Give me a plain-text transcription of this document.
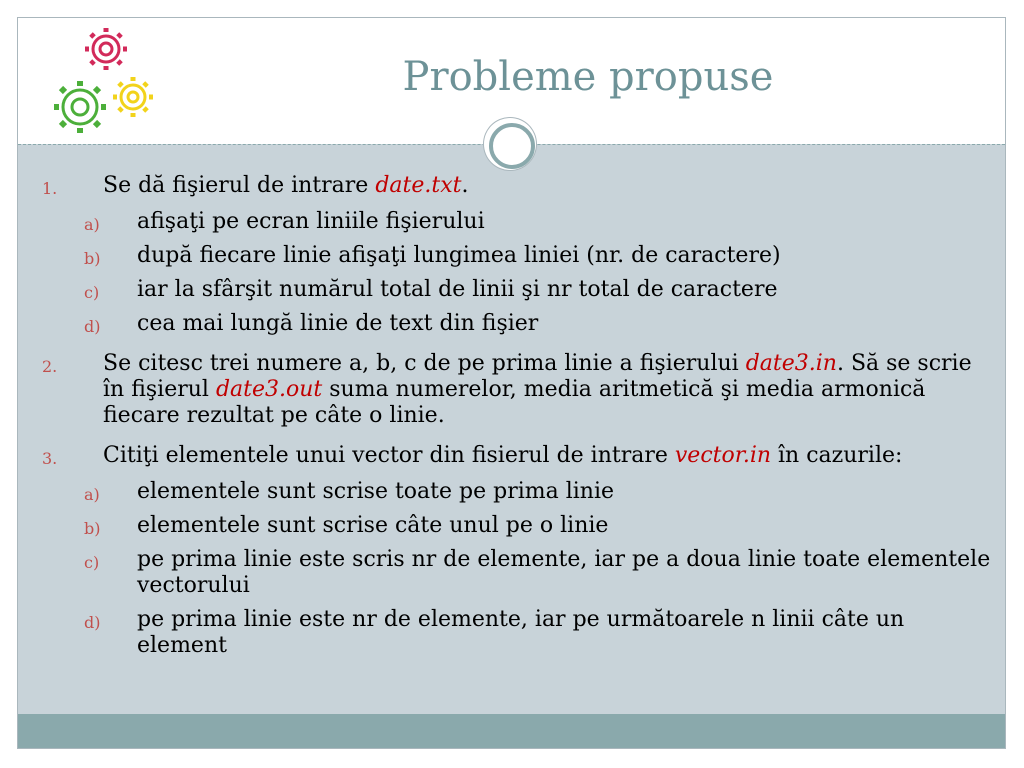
Probleme propuse
1. Se dă fişierul de intrare date.txt.
a) afişaţi pe ecran liniile fişierului
b) după fiecare linie afişaţi lungimea liniei (nr. de caractere)
c) iar la sfârşit numărul total de linii şi nr total de caractere
d) cea mai lungă linie de text din fişier
2. Se citesc trei numere a, b, c de pe prima linie a fişierului date3.in. Să se scrie în fişierul date3.out suma numerelor, media aritmetică şi media armonică fiecare rezultat pe câte o linie.
3. Citiţi elementele unui vector din fisierul de intrare vector.in în cazurile:
a) elementele sunt scrise toate pe prima linie
b) elementele sunt scrise câte unul pe o linie
c) pe prima linie este scris nr de elemente, iar pe a doua linie toate elementele vectorului
d) pe prima linie este nr de elemente, iar pe următoarele n linii câte un element
